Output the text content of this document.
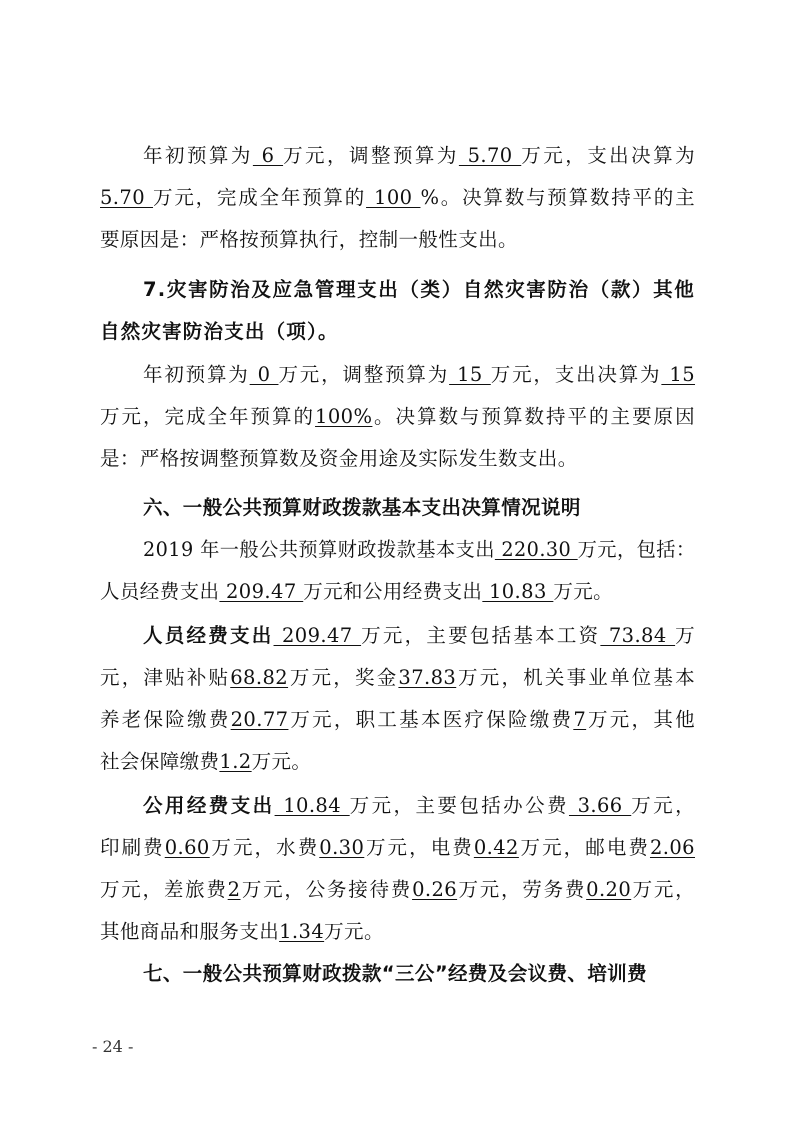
年初预算为 6 万元，调整预算为 5.70 万元，支出决算为
5.70 万元，完成全年预算的 100 %。决算数与预算数持平的主
要原因是：严格按预算执行，控制一般性支出。
7.灾害防治及应急管理支出（类）自然灾害防治（款）其他
自然灾害防治支出（项）。
年初预算为 0 万元，调整预算为 15 万元，支出决算为 15
万元，完成全年预算的100%。决算数与预算数持平的主要原因
是：严格按调整预算数及资金用途及实际发生数支出。
六、一般公共预算财政拨款基本支出决算情况说明
2019 年一般公共预算财政拨款基本支出 220.30 万元，包括：
人员经费支出 209.47 万元和公用经费支出 10.83 万元。
人员经费支出 209.47 万元，主要包括基本工资 73.84 万
元，津贴补贴68.82万元，奖金37.83万元，机关事业单位基本
养老保险缴费20.77万元，职工基本医疗保险缴费7万元，其他
社会保障缴费1.2万元。
公用经费支出 10.84 万元，主要包括办公费 3.66 万元，
印刷费0.60万元，水费0.30万元，电费0.42万元，邮电费2.06
万元，差旅费2万元，公务接待费0.26万元，劳务费0.20万元，
其他商品和服务支出1.34万元。
七、一般公共预算财政拨款“三公”经费及会议费、培训费
- 24 -
